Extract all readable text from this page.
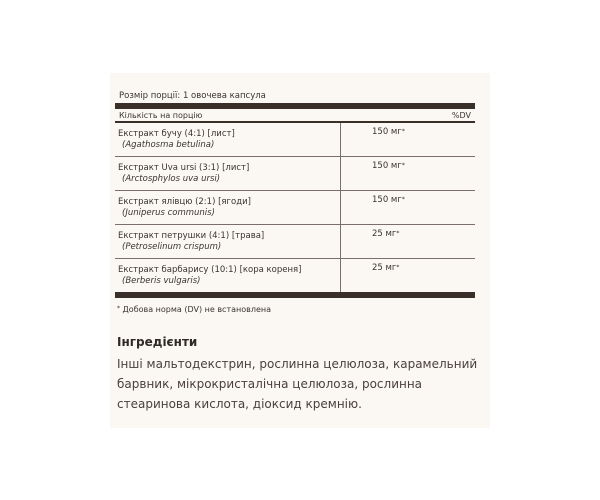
Розмір порції: 1 овочева капсула

Кількість на порцію	%DV
Екстракт бучу (4:1) [лист]
(Agathosma betulina)
150 мг*
Екстракт Uva ursi (3:1) [лист]
(Arctosphylos uva ursi)
150 мг*
Екстракт ялівцю (2:1) [ягоди]
(Juniperus communis)
150 мг*
Екстракт петрушки (4:1) [трава]
(Petroselinum crispum)
25 мг*
Екстракт барбарису (10:1) [кора кореня]
(Berberis vulgaris)
25 мг*
* Добова норма (DV) не встановлена
Інгредієнти
Інші мальтодекстрин, рослинна целюлоза, карамельний барвник, мікрокристалічна целюлоза, рослинна стеаринова кислота, діоксид кремнію.
